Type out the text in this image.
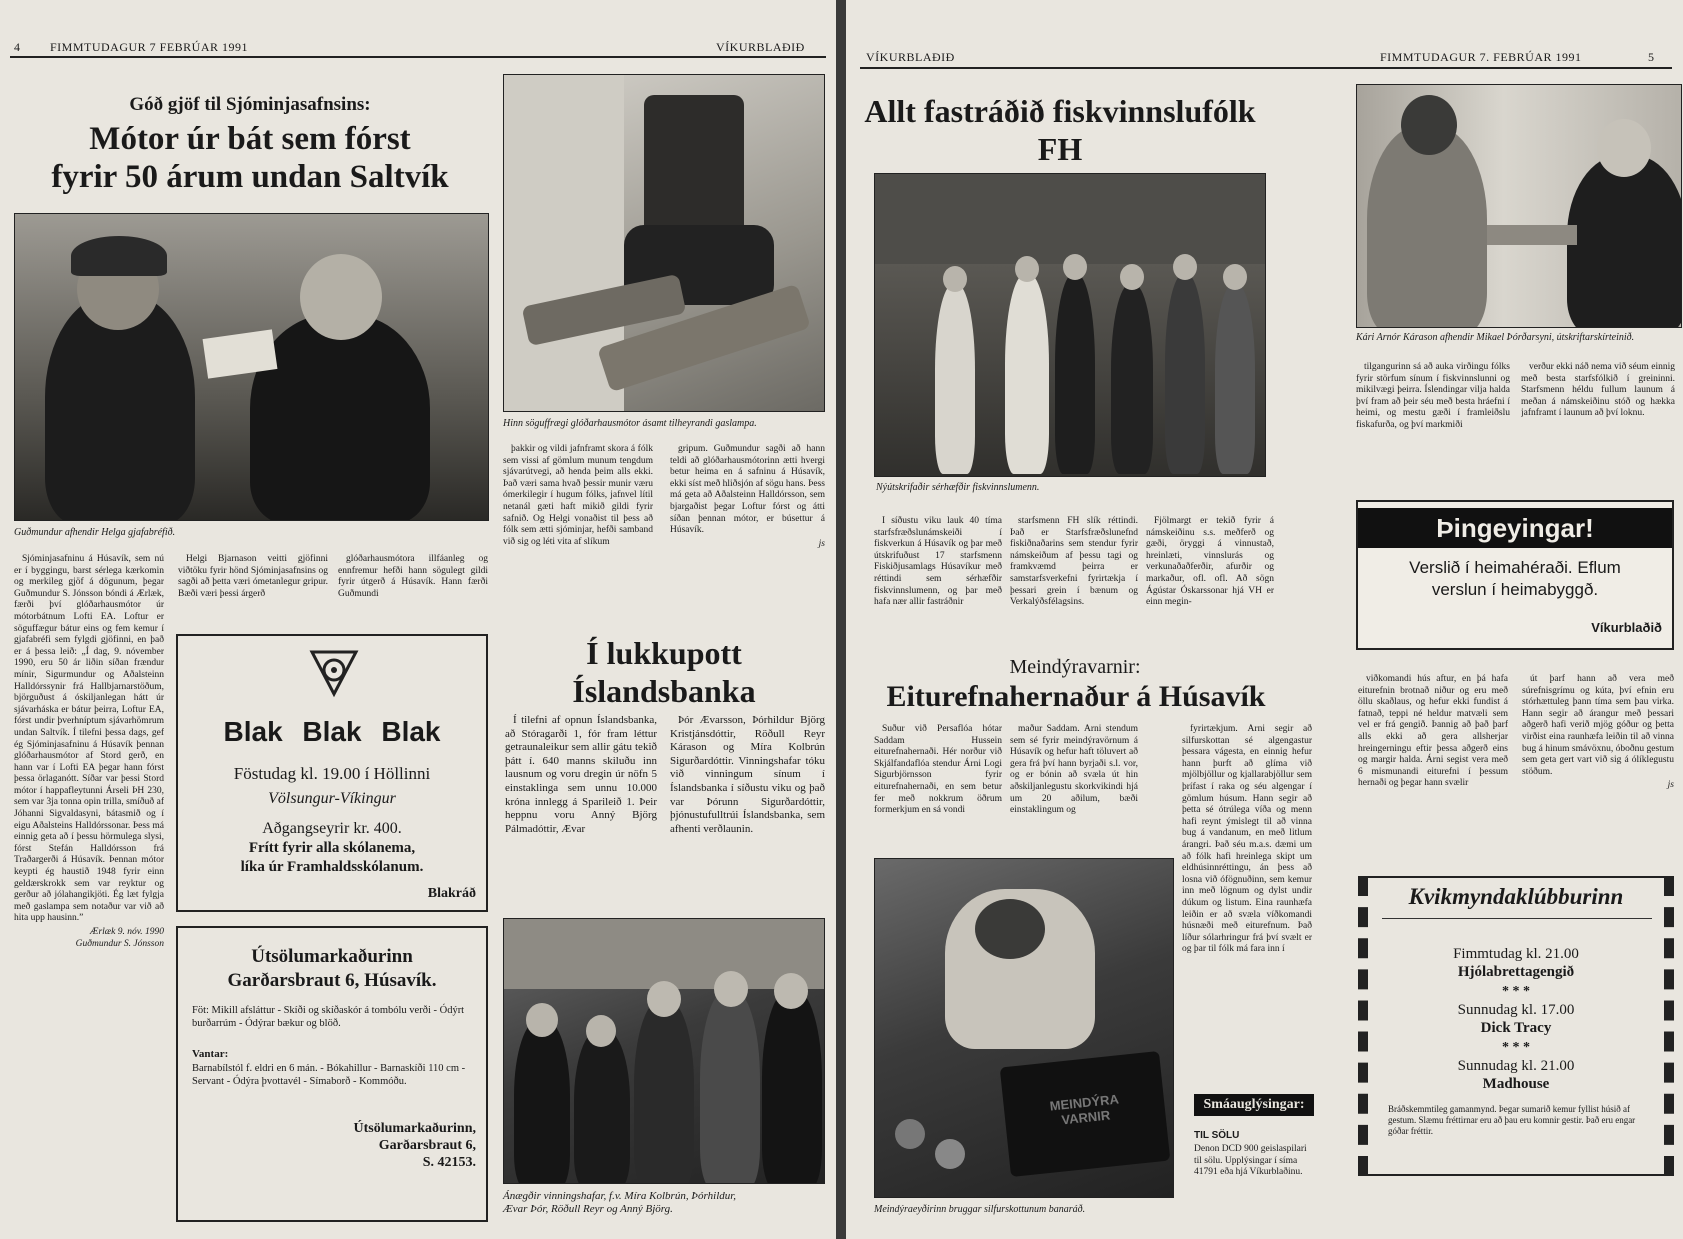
4 FIMMTUDAGUR 7 FEBRÚAR 1991	VÍKURBLAÐIÐ
Góð gjöf til Sjóminjasafnsins:
Mótor úr bát sem fórst
fyrir 50 árum undan Saltvík
Guðmundur afhendir Helga gjafabréfið.

Sjóminjasafninu á Húsavík, sem nú er í byggingu, barst sérlega kærkomin og merkileg gjöf á dögunum, þegar Guðmundur S. Jónsson bóndi á Ærlæk, færði því glóðarhausmótor úr mótorbátnum Lofti EA. Loftur er söguffægur bátur eins og fem kemur í gjafabréfi sem fylgdi gjöfinni, en það er á þessa leið: „Í dag, 9. nóvember 1990, eru 50 ár liðin síðan frændur mínir, Sigurmundur og Aðalsteinn Halldórssynir frá Hallbjarnarstöðum, björguðust á óskiljanlegan hátt úr sjávarháska er bátur þeirra, Loftur EA, fórst undir þverhníptum sjávarhömrum undan Saltvík. Í tilefni þessa dags, gef ég Sjóminjasafninu á Húsavík þennan glóðarhausmótor af Stord gerð, en hann var í Lofti EA þegar hann fórst þessa örlaganótt. Síðar var þessi Stord mótor í happafleytunni Árseli ÞH 230, sem var 3ja tonna opin trilla, smíðuð af Jóhanni Sigvaldasyni, bátasmið og í eigu Aðalsteins Halldórssonar. Þess má einnig geta að í þessu hörmulega slysi, fórst Stefán Halldórsson frá Traðargerði á Húsavík. Þennan mótor keypti ég haustið 1948 fyrir einn geldærskrokk sem var reyktur og gerður að jólahangikjöti. Ég læt fylgja með gaslampa sem notaður var við að hita upp hausinn.”

Ærlæk 9. nóv. 1990
Guðmundur S. Jónsson

Helgi Bjarnason veitti gjöfinni viðtöku fyrir hönd Sjóminjasafnsins og sagði að þetta væri ómetanlegur gripur. Bæði væri þessi árgerð

glóðarhausmótora illfáanleg og ennfremur hefði hann sögulegt gildi fyrir útgerð á Húsavík. Hann færði Guðmundi

Blak Blak Blak
Föstudag kl. 19.00 í Höllinni
Völsungur-Víkingur
Aðgangseyrir kr. 400.
Frítt fyrir alla skólanema,
líka úr Framhaldsskólanum.
Blakráð
Útsölumarkaðurinn
Garðarsbraut 6, Húsavík.
Föt: Mikill afsláttur - Skíði og skíðaskór á tombólu verði - Ódýrt burðarrúm - Ódýrar bækur og blöð.
Vantar:
Barnabílstól f. eldri en 6 mán. - Bókahillur - Barnaskíði 110 cm - Servant - Ódýra þvottavél - Símaborð - Kommóðu.
Útsölumarkaðurinn,
Garðarsbraut 6,
S. 42153.
Hinn söguffrægi glóðarhausmótor ásamt tilheyrandi gaslampa.

þakkir og vildi jafnframt skora á fólk sem vissi af gömlum munum tengdum sjávarútvegi, að henda þeim alls ekki. Það væri sama hvað þessir munir væru ómerkilegir í hugum fólks, jafnvel lítil netanál gæti haft mikið gildi fyrir safnið. Og Helgi vonaðist til þess að fólk sem ætti sjóminjar, hefði samband við sig og léti vita af slíkum

gripum. Guðmundur sagði að hann teldi að glóðarhausmótorinn ætti hvergi betur heima en á safninu á Húsavík, ekki síst með hliðsjón af sögu hans. Þess má geta að Aðalsteinn Halldórsson, sem bjargaðist þegar Loftur fórst og átti síðan þennan mótor, er búsettur á Húsavík.

js
Í lukkupott
Íslandsbanka

Í tilefni af opnun Íslandsbanka, að Stóragarði 1, fór fram léttur getraunaleikur sem allir gátu tekið þátt í. 640 manns skiluðu inn lausnum og voru dregin úr nöfn 5 einstaklinga sem unnu 10.000 króna innlegg á Sparileið 1. Þeir heppnu voru Anný Björg Pálmadóttir, Ævar

Þór Ævarsson, Þórhildur Björg Kristjánsdóttir, Röðull Reyr Kárason og Míra Kolbrún Sigurðardóttir. Vinningshafar tóku við vinningum sínum í Íslandsbanka í síðustu viku og það var Þórunn Sigurðardóttir, þjónustufulltrúi Íslandsbanka, sem afhenti verðlaunin.

Ánægðir vinningshafar, f.v. Míra Kolbrún, Þórhildur,
Ævar Þór, Röðull Reyr og Anný Björg.
VÍKURBLAÐIÐ	FIMMTUDAGUR 7. FEBRÚAR 1991	5
Allt fastráðið fiskvinnslufólk FH
Nýútskrifaðir sérhæfðir fiskvinnslumenn.

Í síðustu viku lauk 40 tíma starfsfræðslunámskeiði í fiskverkun á Húsavík og þar með útskrifuðust 17 starfsmenn Fiskiðjusamlags Húsavíkur með réttindi sem sérhæfðir fiskvinnslumenn, og þar með hafa nær allir fastráðnir

starfsmenn FH slík réttindi. Það er Starfsfræðslunefnd fiskiðnaðarins sem stendur fyrir námskeiðum af þessu tagi og framkvæmd þeirra er samstarfsverkefni fyrirtækja í þessari grein í bænum og Verkalýðsfélagsins.

Fjölmargt er tekið fyrir á námskeiðinu s.s. meðferð og gæði, öryggi á vinnustað, hreinlæti, vinnslurás og verkunaðaðferðir, afurðir og markaður, ofl. ofl. Að sögn Ágústar Óskarssonar hjá VH er einn megin-

Kári Arnór Kárason afhendir Mikael Þórðarsyni, útskriftarskírteinið.

tilgangurinn sá að auka virðingu fólks fyrir störfum sínum í fiskvinnslunni og mikilvægi þeirra. Íslendingar vilja halda því fram að þeir séu með besta hráefni í heimi, og mestu gæði í framleiðslu fiskafurða, og því markmiði

verður ekki náð nema við séum einnig með besta starfsfólkið í greininni. Starfsmenn héldu fullum launum á meðan á námskeiðinu stóð og hækka jafnframt í launum að því loknu.

Þingeyingar!
Verslið í heimahéraði. Eflum
verslun í heimabyggð.
Víkurblaðið
Meindýravarnir:
Eiturefnahernaður á Húsavík

Suður við Persaflóa hótar Saddam Hussein eiturefnahernaði. Hér norður við Skjálfandaflóa stendur Árni Logi Sigurbjörnsson fyrir eiturefnahernaði, en sem betur fer með nokkrum öðrum formerkjum en sá vondi

maður Saddam. Árni stendum sem sé fyrir meindýravörnum á Húsavík og hefur haft töluvert að gera frá því hann byrjaði s.l. vor, og er bónin að svæla út hin aðskiljanlegustu skorkvikindi hjá um 20 aðilum, bæði einstaklingum og

MEINDÝRA VARNIR
Meindýraeyðirinn bruggar silfurskottunum banaráð.

fyrirtækjum. Árni segir að silfurskottan sé algengastur þessara vágesta, en einnig hefur hann þurft að glíma við mjölbjöllur og kjallarabjöllur sem þrífast í raka og séu algengar í gömlum húsum. Hann segir að þetta sé ótrúlega víða og menn hafi reynt ýmislegt til að vinna bug á vandanum, en með litlum árangri. Það séu m.a.s. dæmi um að fólk hafi hreinlega skipt um eldhúsinnréttingu, án þess að losna við ófögnuðinn, sem kemur inn með lögnum og dylst undir dúkum og listum. Eina raunhæfa leiðin er að svæla víðkomandi húsnæði með eiturefnum. Það líður sólarhringur frá því svælt er og þar til fólk má fara inn í

viðkomandi hús aftur, en þá hafa eiturefnin brotnað niður og eru með öllu skaðlaus, og hefur ekki fundist á fatnað, teppi né heldur matvæli sem vel er frá gengið. Þannig að það þarf alls ekki að gera allsherjar hreingerningu eftir þessa aðgerð eins og margir halda. Árni segist vera með 6 mismunandi eiturefni í þessum hernaði og þegar hann svælir

út þarf hann að vera með súrefnisgrímu og kúta, því efnin eru stórhættuleg þann tíma sem þau virka. Hann segir að árangur með þessari aðgerð hafi verið mjög góður og þetta virðist eina raunhæfa leiðin til að vinna bug á hinum smávöxnu, óboðnu gestum sem geta gert vart við sig á ólíklegustu stöðum.

js
Smáauglýsingar:
TIL SÖLU
Denon DCD 900 geislaspilari til sölu. Upplýsingar í síma 41791 eða hjá Víkurblaðinu.
Kvikmyndaklúbburinn
Fimmtudag kl. 21.00
Hjólabrettagengið
* * *
Sunnudag kl. 17.00
Dick Tracy
* * *
Sunnudag kl. 21.00
Madhouse
Bráðskemmtileg gamanmynd. Þegar sumarið kemur fyllist húsið af gestum. Slæmu fréttirnar eru að þau eru komnir gestir. Það eru engar góðar fréttir.
